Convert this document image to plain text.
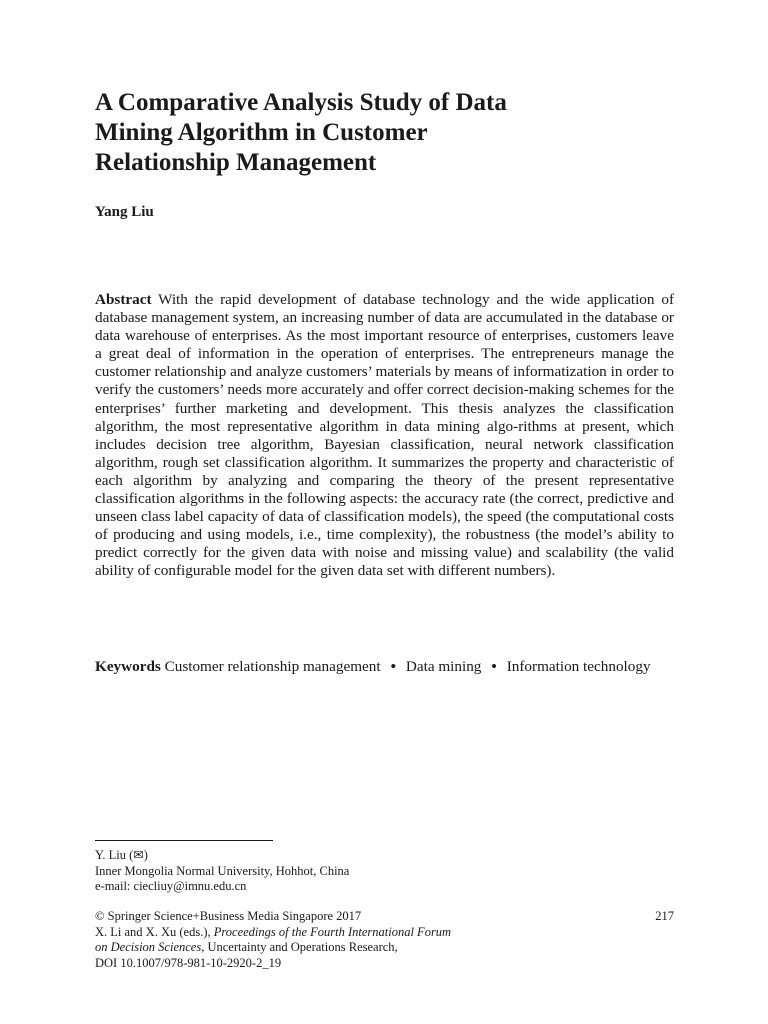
A Comparative Analysis Study of Data
Mining Algorithm in Customer
Relationship Management

Yang Liu

Abstract With the rapid development of database technology and the wide application of database management system, an increasing number of data are accumulated in the database or data warehouse of enterprises. As the most important resource of enterprises, customers leave a great deal of information in the operation of enterprises. The entrepreneurs manage the customer relationship and analyze customers’ materials by means of informatization in order to verify the customers’ needs more accurately and offer correct decision-making schemes for the enterprises’ further marketing and development. This thesis analyzes the classification algorithm, the most representative algorithm in data mining algo-rithms at present, which includes decision tree algorithm, Bayesian classification, neural network classification algorithm, rough set classification algorithm. It summarizes the property and characteristic of each algorithm by analyzing and comparing the theory of the present representative classification algorithms in the following aspects: the accuracy rate (the correct, predictive and unseen class label capacity of data of classification models), the speed (the computational costs of producing and using models, i.e., time complexity), the robustness (the model’s ability to predict correctly for the given data with noise and missing value) and scalability (the valid ability of configurable model for the given data set with different numbers).

Keywords Customer relationship management • Data mining • Information technology

Y. Liu (✉)
Inner Mongolia Normal University, Hohhot, China
e-mail: ciecliuy@imnu.edu.cn
© Springer Science+Business Media Singapore 2017
X. Li and X. Xu (eds.), Proceedings of the Fourth International Forum
on Decision Sciences, Uncertainty and Operations Research,
DOI 10.1007/978-981-10-2920-2_19
217
